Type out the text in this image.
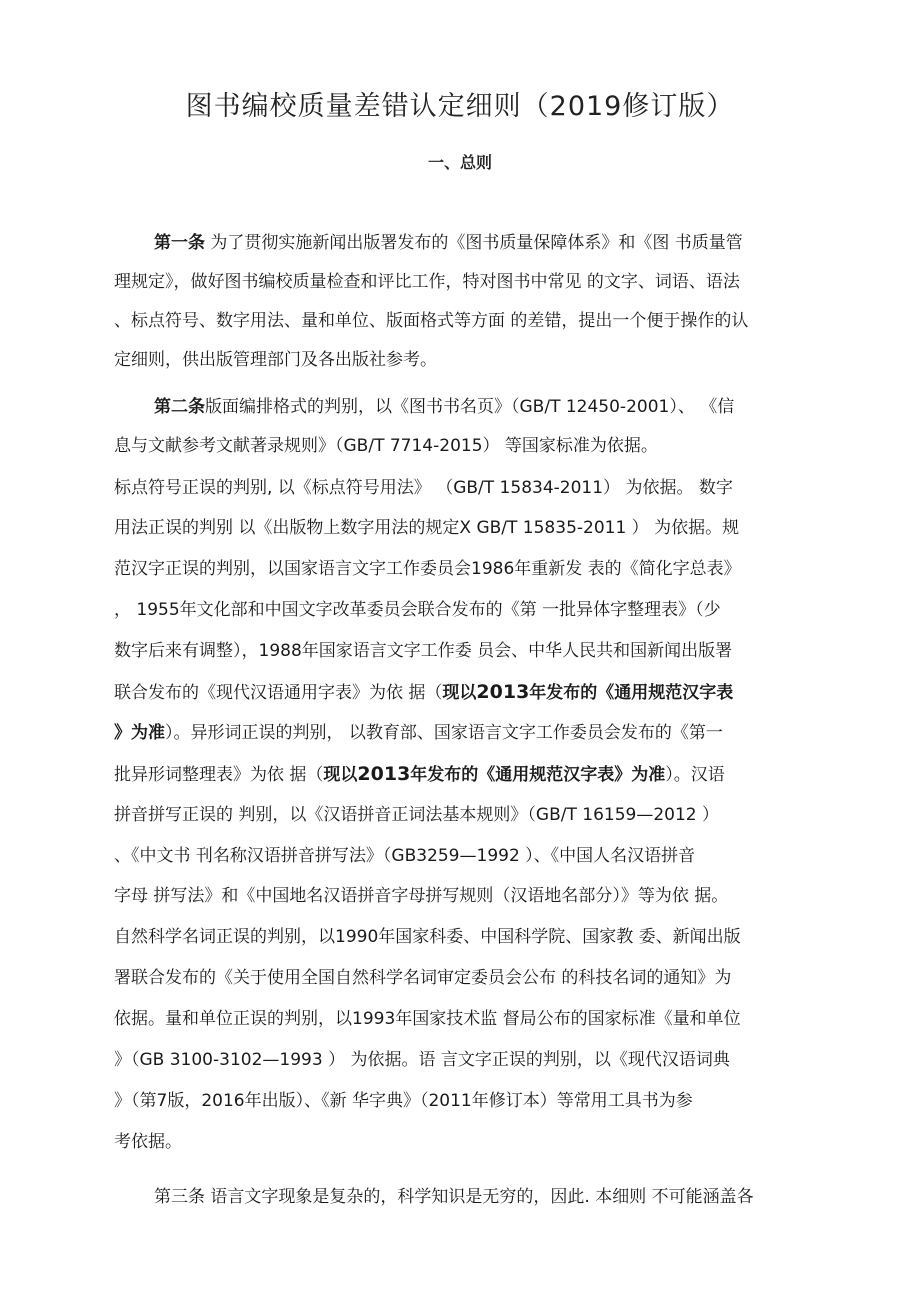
图书编校质量差错认定细则（2019修订版）
一、总则
第一条 为了贯彻实施新闻出版署发布的《图书质量保障体系》和《图 书质量管
理规定》，做好图书编校质量检查和评比工作，特对图书中常见 的文字、词语、语法
、标点符号、数字用法、量和单位、版面格式等方面 的差错，提出一个便于操作的认
定细则，供出版管理部门及各出版社参考。
第二条版面编排格式的判别，以《图书书名页》（GB/T 12450-2001）、 《信
息与文献参考文献著录规则》（GB/T 7714-2015） 等国家标准为依据。
标点符号正误的判别, 以《标点符号用法》 （GB/T 15834-2011） 为依据。 数字
用法正误的判别 以《出版物上数字用法的规定X GB/T 15835-2011 ） 为依据。规
范汉字正误的判别，以国家语言文字工作委员会1986年重新发 表的《简化字总表》
， 1955年文化部和中国文字改革委员会联合发布的《第 一批异体字整理表》（少
数字后来有调整），1988年国家语言文字工作委 员会、中华人民共和国新闻出版署
联合发布的《现代汉语通用字表》为依 据（现以2013年发布的《通用规范汉字表
》为准）。异形词正误的判别， 以教育部、国家语言文字工作委员会发布的《第一
批异形词整理表》为依 据（现以2013年发布的《通用规范汉字表》为准）。汉语
拼音拼写正误的 判别，以《汉语拼音正词法基本规则》（GB/T 16159—2012 ）
、《中文书 刊名称汉语拼音拼写法》（GB3259—1992 ）、《中国人名汉语拼音
字母 拼写法》和《中国地名汉语拼音字母拼写规则（汉语地名部分）》等为依 据。
自然科学名词正误的判别，以1990年国家科委、中国科学院、国家教 委、新闻出版
署联合发布的《关于使用全国自然科学名词审定委员会公布 的科技名词的通知》为
依据。量和单位正误的判别，以1993年国家技术监 督局公布的国家标准《量和单位
》（GB 3100-3102—1993 ） 为依据。语 言文字正误的判别，以《现代汉语词典
》（第7版，2016年出版）、《新 华字典》（2011年修订本）等常用工具书为参
考依据。
第三条 语言文字现象是复杂的，科学知识是无穷的，因此. 本细则 不可能涵盖各
